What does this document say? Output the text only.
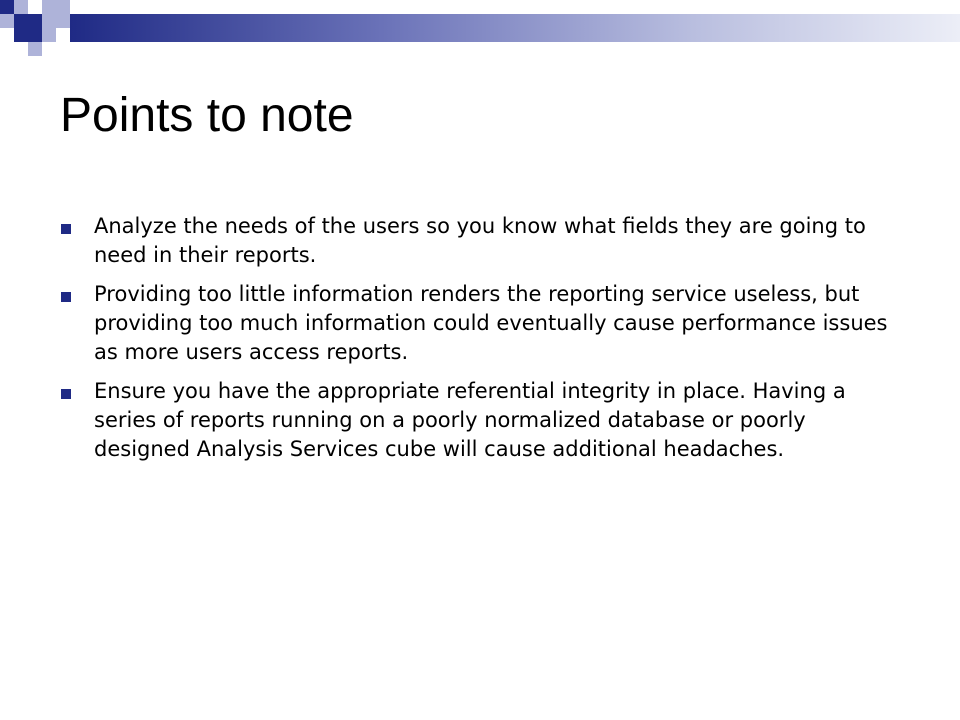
Points to note
Analyze the needs of the users so you know what fields they are going to need in their reports.
Providing too little information renders the reporting service useless, but providing too much information could eventually cause performance issues as more users access reports.
Ensure you have the appropriate referential integrity in place. Having a series of reports running on a poorly normalized database or poorly designed Analysis Services cube will cause additional headaches.
